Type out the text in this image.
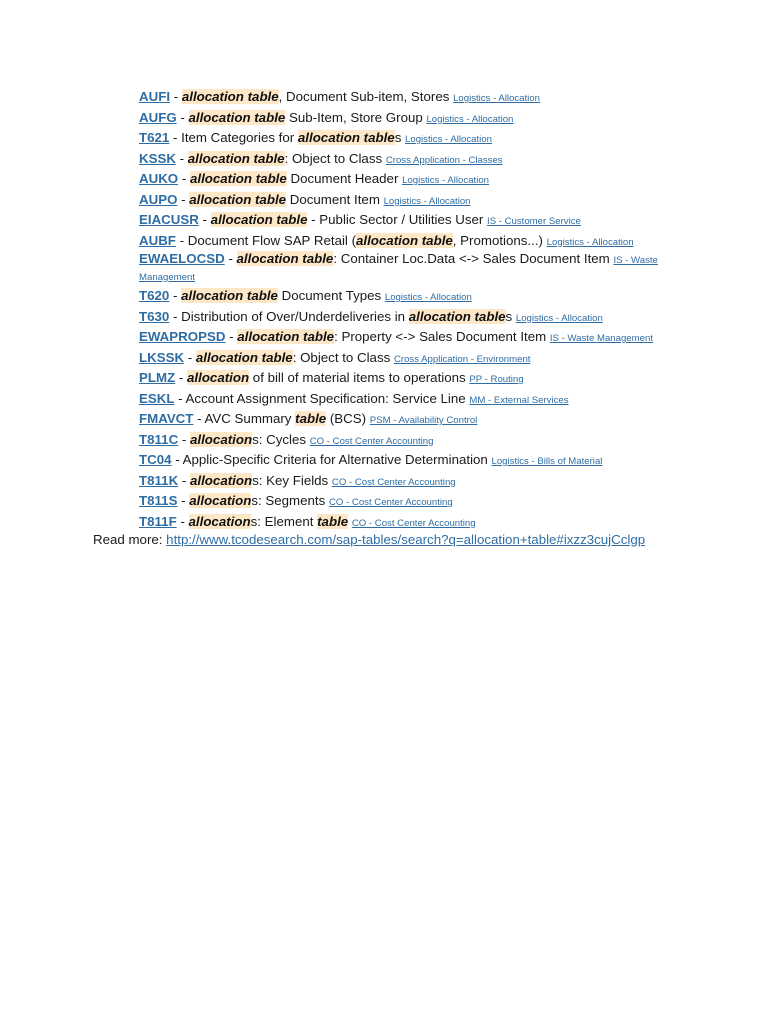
AUFI - allocation table, Document Sub-item, Stores Logistics - Allocation
AUFG - allocation table Sub-Item, Store Group Logistics - Allocation
T621 - Item Categories for allocation tables Logistics - Allocation
KSSK - allocation table: Object to Class Cross Application - Classes
AUKO - allocation table Document Header Logistics - Allocation
AUPO - allocation table Document Item Logistics - Allocation
EIACUSR - allocation table - Public Sector / Utilities User IS - Customer Service
AUBF - Document Flow SAP Retail (allocation table, Promotions...) Logistics - Allocation
EWAELOCSD - allocation table: Container Loc.Data <-> Sales Document Item IS - Waste Management
T620 - allocation table Document Types Logistics - Allocation
T630 - Distribution of Over/Underdeliveries in allocation tables Logistics - Allocation
EWAPROPSD - allocation table: Property <-> Sales Document Item IS - Waste Management
LKSSK - allocation table: Object to Class Cross Application - Environment
PLMZ - allocation of bill of material items to operations PP - Routing
ESKL - Account Assignment Specification: Service Line MM - External Services
FMAVCT - AVC Summary table (BCS) PSM - Availability Control
T811C - allocations: Cycles CO - Cost Center Accounting
TC04 - Applic-Specific Criteria for Alternative Determination Logistics - Bills of Material
T811K - allocations: Key Fields CO - Cost Center Accounting
T811S - allocations: Segments CO - Cost Center Accounting
T811F - allocations: Element table CO - Cost Center Accounting
Read more: http://www.tcodesearch.com/sap-tables/search?q=allocation+table#ixzz3cujCclgp
